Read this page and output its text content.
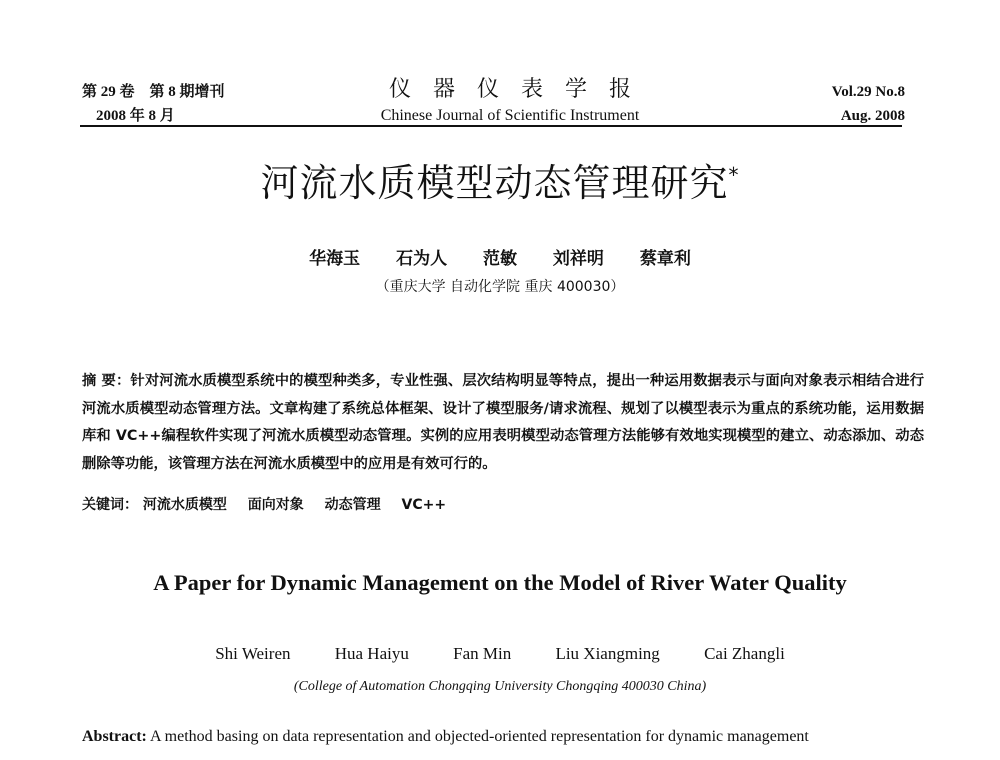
第 29 卷　第 8 期增刊
2008 年 8 月
仪器仪表学报
Chinese Journal of Scientific Instrument
Vol.29 No.8
Aug. 2008
河流水质模型动态管理研究*
华海玉 石为人 范敏 刘祥明 蔡章利
（重庆大学 自动化学院 重庆 400030）
摘 要：针对河流水质模型系统中的模型种类多，专业性强、层次结构明显等特点，提出一种运用数据表示与面向对象表示相结合进行河流水质模型动态管理方法。文章构建了系统总体框架、设计了模型服务/请求流程、规划了以模型表示为重点的系统功能，运用数据库和 VC++编程软件实现了河流水质模型动态管理。实例的应用表明模型动态管理方法能够有效地实现模型的建立、动态添加、动态删除等功能，该管理方法在河流水质模型中的应用是有效可行的。
关键词： 河流水质模型 面向对象 动态管理 VC++
A Paper for Dynamic Management on the Model of River Water Quality
Shi Weiren	Hua Haiyu	Fan Min	Liu Xiangming	Cai Zhangli
(College of Automation Chongqing University Chongqing 400030 China)
Abstract: A method basing on data representation and objected-oriented representation for dynamic management
